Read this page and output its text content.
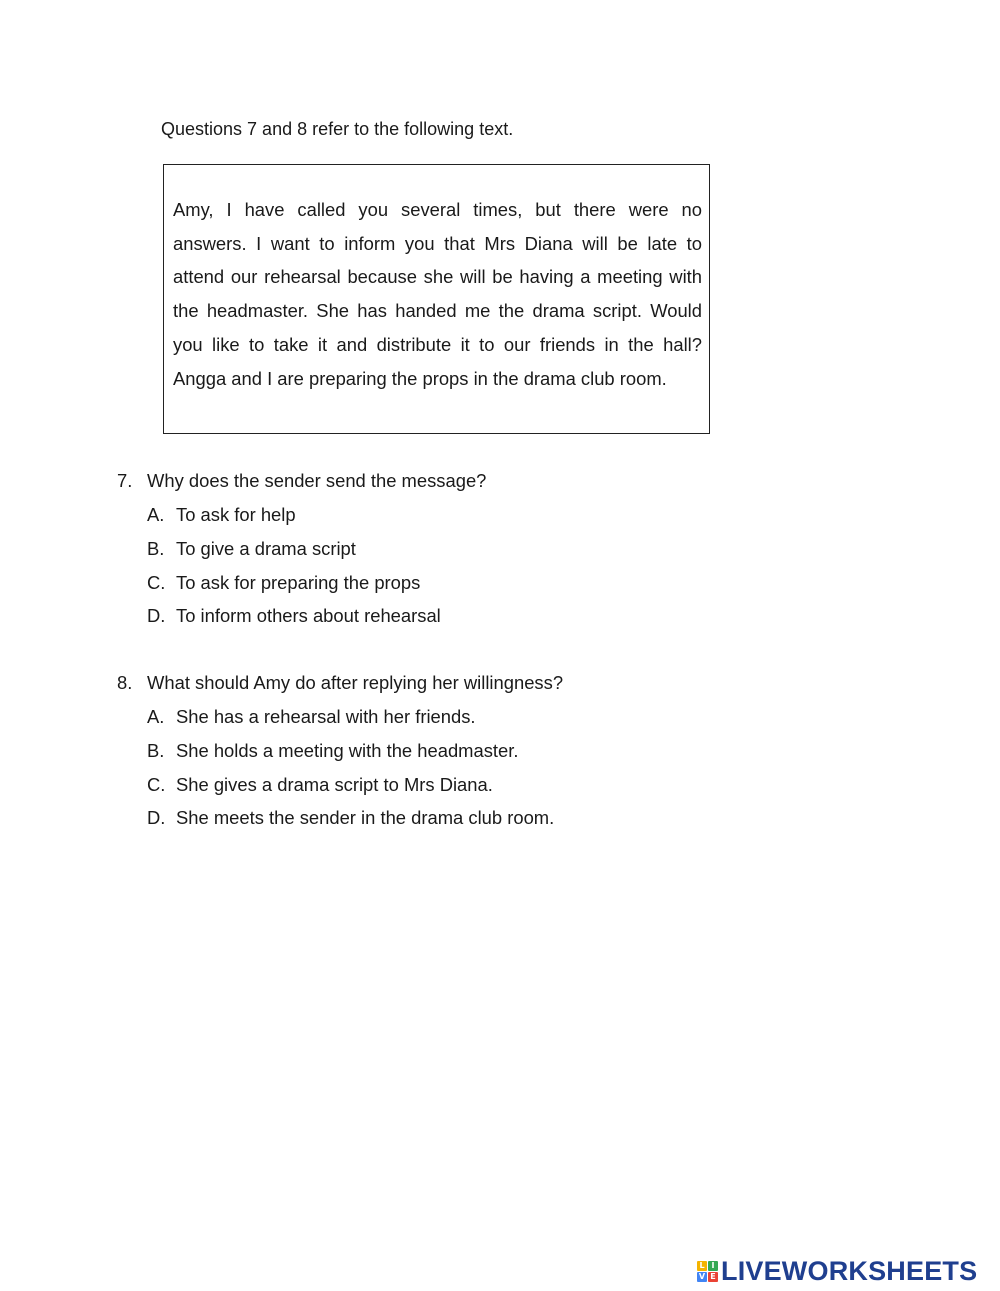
Questions 7 and 8 refer to the following text.

Amy, I have called you several times, but there were no answers. I want to inform you that Mrs Diana will be late to attend our rehearsal because she will be having a meeting with the headmaster. She has handed me the drama script. Would you like to take it and distribute it to our friends in the hall? Angga and I are preparing the props in the drama club room.

7. Why does the sender send the message?
A. To ask for help
B. To give a drama script
C. To ask for preparing the props
D. To inform others about rehearsal
8. What should Amy do after replying her willingness?
A. She has a rehearsal with her friends.
B. She holds a meeting with the headmaster.
C. She gives a drama script to Mrs Diana.
D. She meets the sender in the drama club room.
L I
V E LIVEWORKSHEETS
